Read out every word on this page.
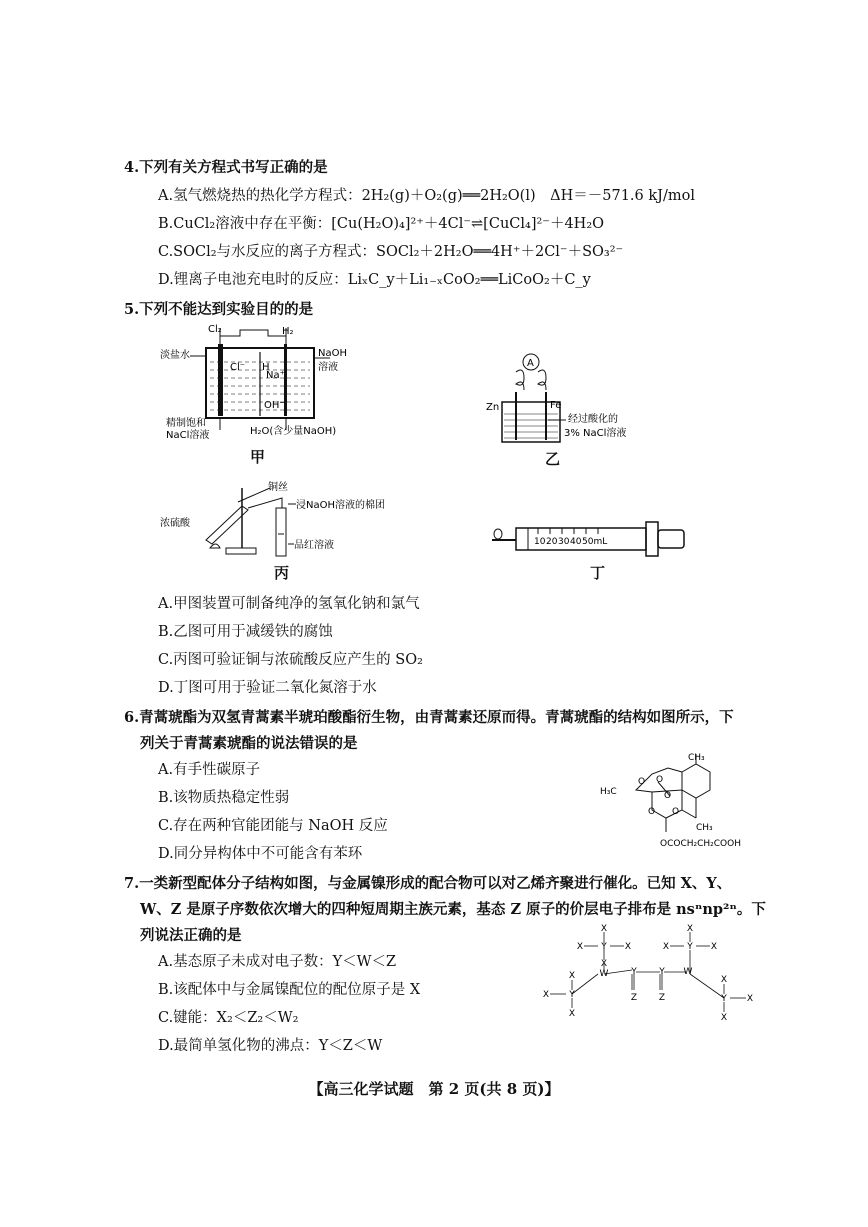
4.下列有关方程式书写正确的是
A.氢气燃烧热的热化学方程式：2H₂(g)＋O₂(g)══2H₂O(l)　ΔH＝－571.6 kJ/mol
B.CuCl₂溶液中存在平衡：[Cu(H₂O)₄]²⁺＋4Cl⁻⇌[CuCl₄]²⁻＋4H₂O
C.SOCl₂与水反应的离子方程式：SOCl₂＋2H₂O══4H⁺＋2Cl⁻＋SO₃²⁻
D.锂离子电池充电时的反应：LiₓC_y＋Li₁₋ₓCoO₂══LiCoO₂＋C_y
5.下列不能达到实验目的的是
Cl₂	H₂
淡盐水	NaOH
溶液
Cl⁻ H
Na⁺
OH⁻
精制饱和
NaCl溶液	H₂O(含少量NaOH)
甲
A
Zn	Fe
经过酸化的
3% NaCl溶液
乙
铜丝
浸NaOH溶液的棉团
浓硫酸
品红溶液
丙
10 20 30 40 50mL
丁
A.甲图装置可制备纯净的氢氧化钠和氯气
B.乙图可用于减缓铁的腐蚀
C.丙图可验证铜与浓硫酸反应产生的 SO₂
D.丁图可用于验证二氧化氮溶于水
6.青蒿琥酯为双氢青蒿素半琥珀酸酯衍生物，由青蒿素还原而得。青蒿琥酯的结构如图所示，下
列关于青蒿素琥酯的说法错误的是
A.有手性碳原子
B.该物质热稳定性弱
C.存在两种官能团能与 NaOH 反应
D.同分异构体中不可能含有苯环
CH₃
H₃C
O O
O
O O
CH₃
OCOCH₂CH₂COOH
7.一类新型配体分子结构如图，与金属镍形成的配合物可以对乙烯齐聚进行催化。已知 X、Y、
W、Z 是原子序数依次增大的四种短周期主族元素，基态 Z 原子的价层电子排布是 nsⁿnp²ⁿ。下
列说法正确的是
A.基态原子未成对电子数：Y＜W＜Z
B.该配体中与金属镍配位的配位原子是 X
C.键能：X₂＜Z₂＜W₂
D.最简单氢化物的沸点：Y＜Z＜W
X
Y
X	X
X
W	Y	Y W
Z Z
X
Y
X	X
X
Y
X
X
X
Y
X
X
【高三化学试题　第 2 页(共 8 页)】
